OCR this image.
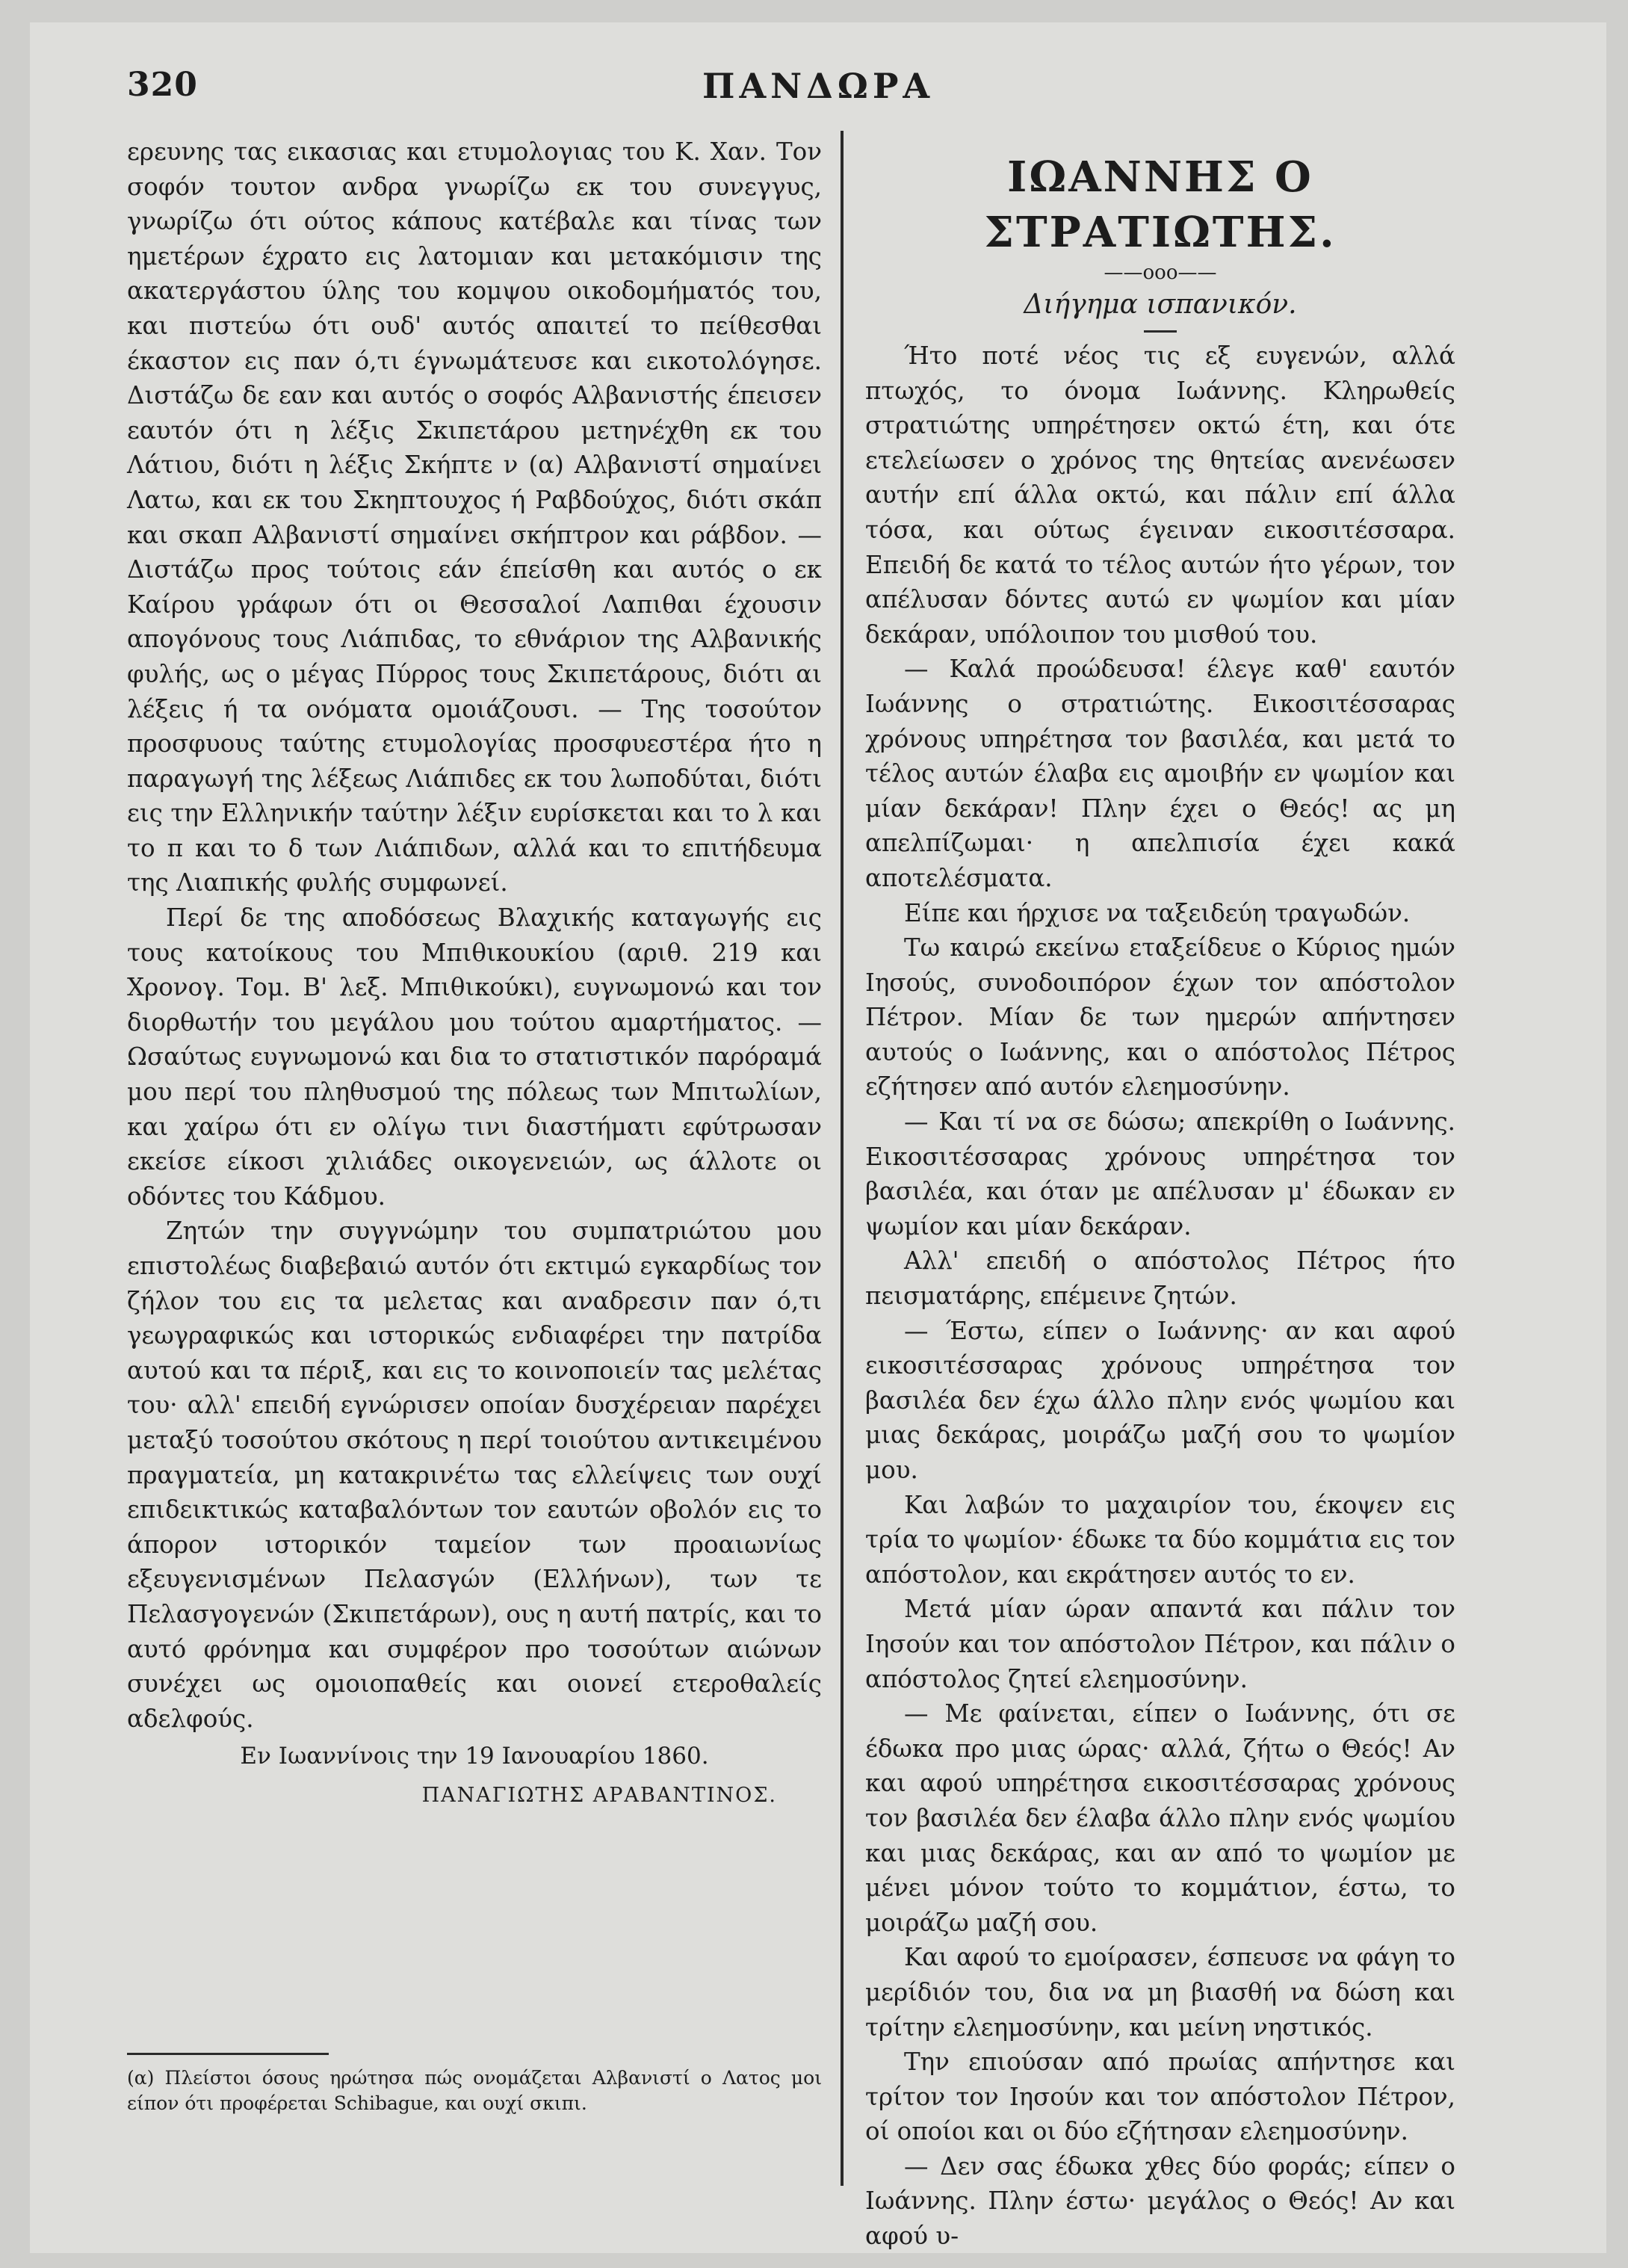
320	ΠΑΝΔΩΡΑ

ερευνης τας εικασιας και ετυμολογιας του Κ. Χαν. Τον σοφόν τουτον ανδρα γνωρίζω εκ του συνεγγυς, γνωρίζω ότι ούτος κάπους κατέβαλε και τίνας των ημετέρων έχρατο εις λατομιαν και μετακόμισιν της ακατεργάστου ύλης του κομψου οικοδομήματός του, και πιστεύω ότι ουδ' αυτός απαιτεί το πείθεσθαι έκαστον εις παν ό,τι έγνωμάτευσε και εικοτολόγησε. Διστάζω δε εαν και αυτός ο σοφός Αλβανιστής έπεισεν εαυτόν ότι η λέξις Σκιπετάρου μετηνέχθη εκ του Λάτιου, διότι η λέξις Σκήπτε ν (α) Αλβανιστί σημαίνει Λατω, και εκ του Σκηπτουχος ή Ραβδούχος, διότι σκάπ και σκαπ Αλβανιστί σημαίνει σκήπτρον και ράβδον. — Διστάζω προς τούτοις εάν έπείσθη και αυτός ο εκ Καίρου γράφων ότι οι Θεσσαλοί Λαπιθαι έχουσιν απογόνους τους Λιάπιδας, το εθνάριον της Αλβανικής φυλής, ως ο μέγας Πύρρος τους Σκιπετάρους, διότι αι λέξεις ή τα ονόματα ομοιάζουσι. — Της τοσούτον προσφυους ταύτης ετυμολογίας προσφυεστέρα ήτο η παραγωγή της λέξεως Λιάπιδες εκ του λωποδύται, διότι εις την Ελληνικήν ταύτην λέξιν ευρίσκεται και το λ και το π και το δ των Λιάπιδων, αλλά και το επιτήδευμα της Λιαπικής φυλής συμφωνεί.

Περί δε της αποδόσεως Βλαχικής καταγωγής εις τους κατοίκους του Μπιθικουκίου (αριθ. 219 και Χρονογ. Τομ. Β' λεξ. Μπιθικούκι), ευγνωμονώ και τον διορθωτήν του μεγάλου μου τούτου αμαρτήματος. — Ωσαύτως ευγνωμονώ και δια το στατιστικόν παρόραμά μου περί του πληθυσμού της πόλεως των Μπιτωλίων, και χαίρω ότι εν ολίγω τινι διαστήματι εφύτρωσαν εκείσε είκοσι χιλιάδες οικογενειών, ως άλλοτε οι οδόντες του Κάδμου.

Ζητών την συγγνώμην του συμπατριώτου μου επιστολέως διαβεβαιώ αυτόν ότι εκτιμώ εγκαρδίως τον ζήλον του εις τα μελετας και αναδρεσιν παν ό,τι γεωγραφικώς και ιστορικώς ενδιαφέρει την πατρίδα αυτού και τα πέριξ, και εις το κοινοποιείν τας μελέτας του· αλλ' επειδή εγνώρισεν οποίαν δυσχέρειαν παρέχει μεταξύ τοσούτου σκότους η περί τοιούτου αντικειμένου πραγματεία, μη κατακρινέτω τας ελλείψεις των ουχί επιδεικτικώς καταβαλόντων τον εαυτών οβολόν εις το άπορον ιστορικόν ταμείον των προαιωνίως εξευγενισμένων Πελασγών (Ελλήνων), των τε Πελασγογενών (Σκιπετάρων), ους η αυτή πατρίς, και το αυτό φρόνημα και συμφέρον προ τοσούτων αιώνων συνέχει ως ομοιοπαθείς και οιονεί ετεροθαλείς αδελφούς.

Εν Ιωαννίνοις την 19 Ιανουαρίου 1860.

ΠΑΝΑΓΙΩΤΗΣ ΑΡΑΒΑΝΤΙΝΟΣ.

(α) Πλείστοι όσους ηρώτησα πώς ονομάζεται Αλβανιστί ο Λατος μοι είπον ότι προφέρεται Schibague, και ουχί σκιπι.

ΙΩΑΝΝΗΣ Ο ΣΤΡΑΤΙΩΤΗΣ.

——ooo——

Διήγημα ισπανικόν.

Ήτο ποτέ νέος τις εξ ευγενών, αλλά πτωχός, το όνομα Ιωάννης. Κληρωθείς στρατιώτης υπηρέτησεν οκτώ έτη, και ότε ετελείωσεν ο χρόνος της θητείας ανενέωσεν αυτήν επί άλλα οκτώ, και πάλιν επί άλλα τόσα, και ούτως έγειναν εικοσιτέσσαρα. Επειδή δε κατά το τέλος αυτών ήτο γέρων, τον απέλυσαν δόντες αυτώ εν ψωμίον και μίαν δεκάραν, υπόλοιπον του μισθού του.

— Καλά προώδευσα! έλεγε καθ' εαυτόν Ιωάννης ο στρατιώτης. Εικοσιτέσσαρας χρόνους υπηρέτησα τον βασιλέα, και μετά το τέλος αυτών έλαβα εις αμοιβήν εν ψωμίον και μίαν δεκάραν! Πλην έχει ο Θεός! ας μη απελπίζωμαι· η απελπισία έχει κακά αποτελέσματα.

Είπε και ήρχισε να ταξειδεύη τραγωδών.

Τω καιρώ εκείνω εταξείδευε ο Κύριος ημών Ιησούς, συνοδοιπόρον έχων τον απόστολον Πέτρον. Μίαν δε των ημερών απήντησεν αυτούς ο Ιωάννης, και ο απόστολος Πέτρος εζήτησεν από αυτόν ελεημοσύνην.

— Και τί να σε δώσω; απεκρίθη ο Ιωάννης. Εικοσιτέσσαρας χρόνους υπηρέτησα τον βασιλέα, και όταν με απέλυσαν μ' έδωκαν εν ψωμίον και μίαν δεκάραν.

Αλλ' επειδή ο απόστολος Πέτρος ήτο πεισματάρης, επέμεινε ζητών.

— Έστω, είπεν ο Ιωάννης· αν και αφού εικοσιτέσσαρας χρόνους υπηρέτησα τον βασιλέα δεν έχω άλλο πλην ενός ψωμίου και μιας δεκάρας, μοιράζω μαζή σου το ψωμίον μου.

Και λαβών το μαχαιρίον του, έκοψεν εις τρία το ψωμίον· έδωκε τα δύο κομμάτια εις τον απόστολον, και εκράτησεν αυτός το εν.

Μετά μίαν ώραν απαντά και πάλιν τον Ιησούν και τον απόστολον Πέτρον, και πάλιν ο απόστολος ζητεί ελεημοσύνην.

— Με φαίνεται, είπεν ο Ιωάννης, ότι σε έδωκα προ μιας ώρας· αλλά, ζήτω ο Θεός! Αν και αφού υπηρέτησα εικοσιτέσσαρας χρόνους τον βασιλέα δεν έλαβα άλλο πλην ενός ψωμίου και μιας δεκάρας, και αν από το ψωμίον με μένει μόνον τούτο το κομμάτιον, έστω, το μοιράζω μαζή σου.

Και αφού το εμοίρασεν, έσπευσε να φάγη το μερίδιόν του, δια να μη βιασθή να δώση και τρίτην ελεημοσύνην, και μείνη νηστικός.

Την επιούσαν από πρωίας απήντησε και τρίτον τον Ιησούν και τον απόστολον Πέτρον, οί οποίοι και οι δύο εζήτησαν ελεημοσύνην.

— Δεν σας έδωκα χθες δύο φοράς; είπεν ο Ιωάννης. Πλην έστω· μεγάλος ο Θεός! Αν και αφού υ-
